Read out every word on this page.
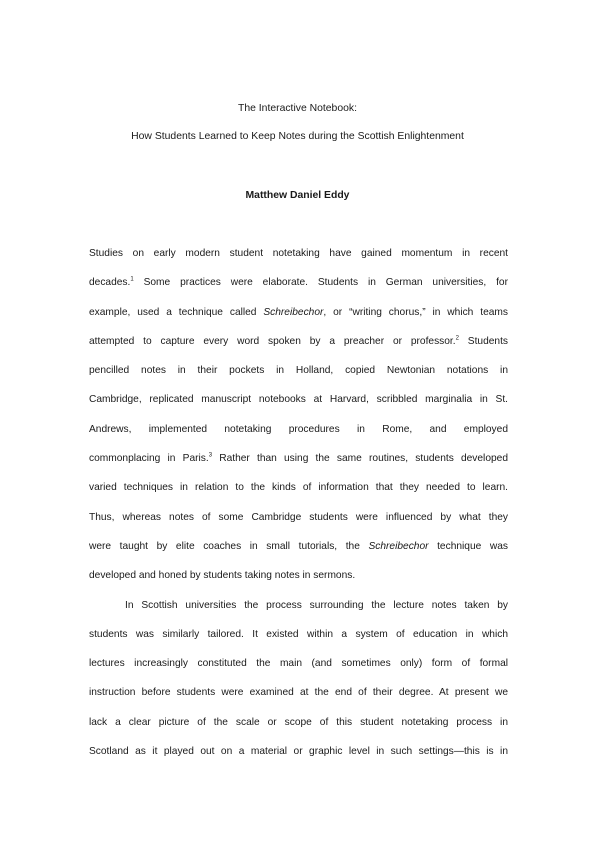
The Interactive Notebook:
How Students Learned to Keep Notes during the Scottish Enlightenment
Matthew Daniel Eddy

Studies on early modern student notetaking have gained momentum in recent
decades.$^1$ Some practices were elaborate. Students in German universities, for
example, used a technique called Schreibechor, or “writing chorus,” in which teams
attempted to capture every word spoken by a preacher or professor.$^2$ Students
pencilled notes in their pockets in Holland, copied Newtonian notations in
Cambridge, replicated manuscript notebooks at Harvard, scribbled marginalia in St.
Andrews, implemented notetaking procedures in Rome, and employed
commonplacing in Paris.$^3$ Rather than using the same routines, students developed
varied techniques in relation to the kinds of information that they needed to learn.
Thus, whereas notes of some Cambridge students were influenced by what they
were taught by elite coaches in small tutorials, the Schreibechor technique was
developed and honed by students taking notes in sermons.

In Scottish universities the process surrounding the lecture notes taken by
students was similarly tailored. It existed within a system of education in which
lectures increasingly constituted the main (and sometimes only) form of formal
instruction before students were examined at the end of their degree. At present we
lack a clear picture of the scale or scope of this student notetaking process in
Scotland as it played out on a material or graphic level in such settings—this is in
